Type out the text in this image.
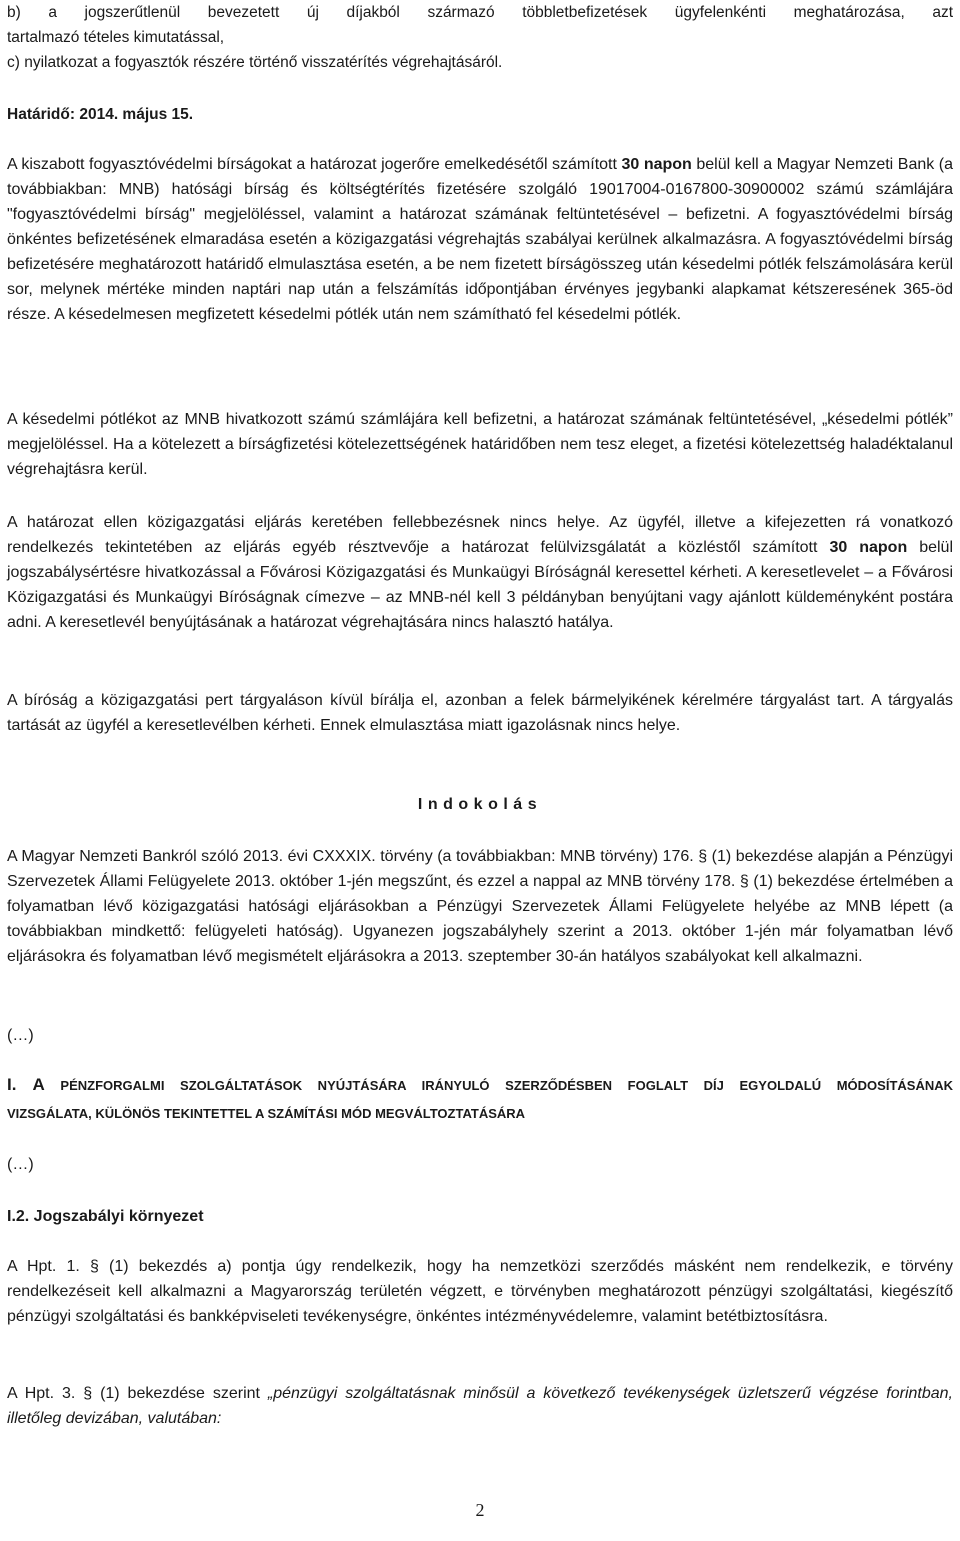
b) a jogszerűtlenül bevezetett új díjakból származó többletbefizetések ügyfelenkénti meghatározása, azt
tartalmazó tételes kimutatással,
c) nyilatkozat a fogyasztók részére történő visszatérítés végrehajtásáról.
Határidő: 2014. május 15.

A kiszabott fogyasztóvédelmi bírságokat a határozat jogerőre emelkedésétől számított 30 napon belül kell a Magyar Nemzeti Bank (a továbbiakban: MNB) hatósági bírság és költségtérítés fizetésére szolgáló 19017004-0167800-30900002 számú számlájára "fogyasztóvédelmi bírság" megjelöléssel, valamint a határozat számának feltüntetésével – befizetni. A fogyasztóvédelmi bírság önkéntes befizetésének elmaradása esetén a közigazgatási végrehajtás szabályai kerülnek alkalmazásra. A fogyasztóvédelmi bírság befizetésére meghatározott határidő elmulasztása esetén, a be nem fizetett bírságösszeg után késedelmi pótlék felszámolására kerül sor, melynek mértéke minden naptári nap után a felszámítás időpontjában érvényes jegybanki alapkamat kétszeresének 365-öd része. A késedelmesen megfizetett késedelmi pótlék után nem számítható fel késedelmi pótlék.

A késedelmi pótlékot az MNB hivatkozott számú számlájára kell befizetni, a határozat számának feltüntetésével, „késedelmi pótlék” megjelöléssel. Ha a kötelezett a bírságfizetési kötelezettségének határidőben nem tesz eleget, a fizetési kötelezettség haladéktalanul végrehajtásra kerül.

A határozat ellen közigazgatási eljárás keretében fellebbezésnek nincs helye. Az ügyfél, illetve a kifejezetten rá vonatkozó rendelkezés tekintetében az eljárás egyéb résztvevője a határozat felülvizsgálatát a közléstől számított 30 napon belül jogszabálysértésre hivatkozással a Fővárosi Közigazgatási és Munkaügyi Bíróságnál keresettel kérheti. A keresetlevelet – a Fővárosi Közigazgatási és Munkaügyi Bíróságnak címezve – az MNB-nél kell 3 példányban benyújtani vagy ajánlott küldeményként postára adni. A keresetlevél benyújtásának a határozat végrehajtására nincs halasztó hatálya.

A bíróság a közigazgatási pert tárgyaláson kívül bírálja el, azonban a felek bármelyikének kérelmére tárgyalást tart. A tárgyalás tartását az ügyfél a keresetlevélben kérheti. Ennek elmulasztása miatt igazolásnak nincs helye.

Indokolás

A Magyar Nemzeti Bankról szóló 2013. évi CXXXIX. törvény (a továbbiakban: MNB törvény) 176. § (1) bekezdése alapján a Pénzügyi Szervezetek Állami Felügyelete 2013. október 1-jén megszűnt, és ezzel a nappal az MNB törvény 178. § (1) bekezdése értelmében a folyamatban lévő közigazgatási hatósági eljárásokban a Pénzügyi Szervezetek Állami Felügyelete helyébe az MNB lépett (a továbbiakban mindkettő: felügyeleti hatóság). Ugyanezen jogszabályhely szerint a 2013. október 1-jén már folyamatban lévő eljárásokra és folyamatban lévő megismételt eljárásokra a 2013. szeptember 30-án hatályos szabályokat kell alkalmazni.

(…)
I. A PÉNZFORGALMI SZOLGÁLTATÁSOK NYÚJTÁSÁRA IRÁNYULÓ SZERZŐDÉSBEN FOGLALT DÍJ EGYOLDALÚ MÓDOSÍTÁSÁNAK
VIZSGÁLATA, KÜLÖNÖS TEKINTETTEL A SZÁMÍTÁSI MÓD MEGVÁLTOZTATÁSÁRA
(…)
I.2. Jogszabályi környezet

A Hpt. 1. § (1) bekezdés a) pontja úgy rendelkezik, hogy ha nemzetközi szerződés másként nem rendelkezik, e törvény rendelkezéseit kell alkalmazni a Magyarország területén végzett, e törvényben meghatározott pénzügyi szolgáltatási, kiegészítő pénzügyi szolgáltatási és bankképviseleti tevékenységre, önkéntes intézményvédelemre, valamint betétbiztosításra.

A Hpt. 3. § (1) bekezdése szerint „pénzügyi szolgáltatásnak minősül a következő tevékenységek üzletszerű végzése forintban, illetőleg devizában, valutában:

2
